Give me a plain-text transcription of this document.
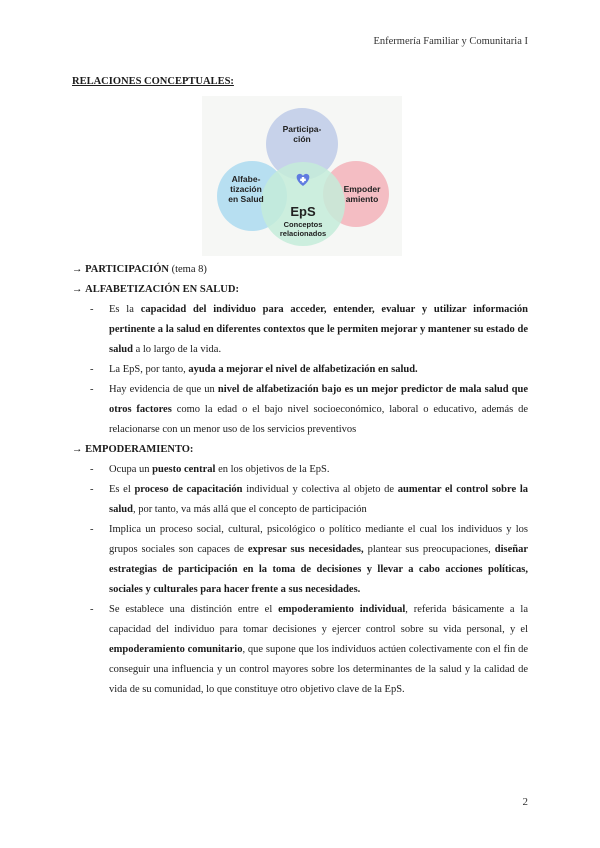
Enfermería Familiar y Comunitaria I

RELACIONES CONCEPTUALES:

Participa-
ción
Alfabe-
tización
en Salud
Empoder
amiento
EpS
Conceptos
relacionados

→ PARTICIPACIÓN (tema 8)

→ ALFABETIZACIÓN EN SALUD:

- Es la capacidad del individuo para acceder, entender, evaluar y utilizar información pertinente a la salud en diferentes contextos que le permiten mejorar y mantener su estado de salud a lo largo de la vida.
- La EpS, por tanto, ayuda a mejorar el nivel de alfabetización en salud.
- Hay evidencia de que un nivel de alfabetización bajo es un mejor predictor de mala salud que otros factores como la edad o el bajo nivel socioeconómico, laboral o educativo, además de relacionarse con un menor uso de los servicios preventivos

→ EMPODERAMIENTO:

- Ocupa un puesto central en los objetivos de la EpS.
- Es el proceso de capacitación individual y colectiva al objeto de aumentar el control sobre la salud, por tanto, va más allá que el concepto de participación
- Implica un proceso social, cultural, psicológico o político mediante el cual los individuos y los grupos sociales son capaces de expresar sus necesidades, plantear sus preocupaciones, diseñar estrategias de participación en la toma de decisiones y llevar a cabo acciones políticas, sociales y culturales para hacer frente a sus necesidades.
- Se establece una distinción entre el empoderamiento individual, referida básicamente a la capacidad del individuo para tomar decisiones y ejercer control sobre su vida personal, y el empoderamiento comunitario, que supone que los individuos actúen colectivamente con el fin de conseguir una influencia y un control mayores sobre los determinantes de la salud y la calidad de vida de su comunidad, lo que constituye otro objetivo clave de la EpS.
2
